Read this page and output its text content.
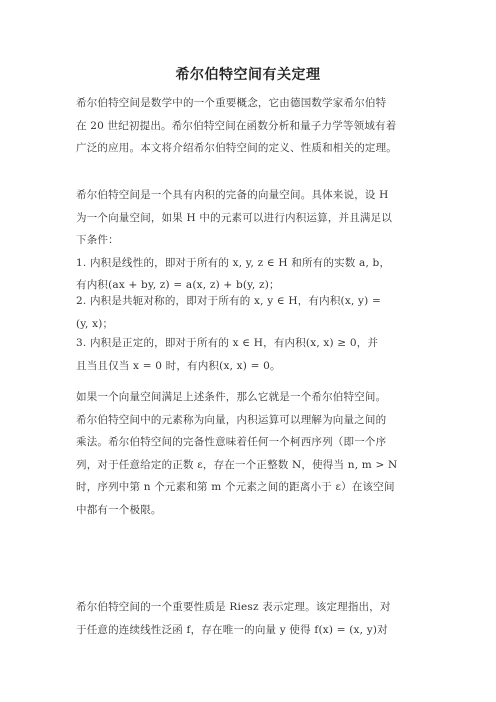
希尔伯特空间有关定理

希尔伯特空间是数学中的一个重要概念，它由德国数学家希尔伯特
在 20 世纪初提出。希尔伯特空间在函数分析和量子力学等领域有着
广泛的应用。本文将介绍希尔伯特空间的定义、性质和相关的定理。

希尔伯特空间是一个具有内积的完备的向量空间。具体来说，设 H
为一个向量空间，如果 H 中的元素可以进行内积运算，并且满足以
下条件：
1. 内积是线性的，即对于所有的 x, y, z ∈ H 和所有的实数 a, b，
有内积(ax + by, z) = a(x, z) + b(y, z)；

2. 内积是共轭对称的，即对于所有的 x, y ∈ H，有内积(x, y) =
(y, x)；

3. 内积是正定的，即对于所有的 x ∈ H，有内积(x, x) ≥ 0，并
且当且仅当 x = 0 时，有内积(x, x) = 0。

如果一个向量空间满足上述条件，那么它就是一个希尔伯特空间。
希尔伯特空间中的元素称为向量，内积运算可以理解为向量之间的
乘法。希尔伯特空间的完备性意味着任何一个柯西序列（即一个序
列，对于任意给定的正数 ε，存在一个正整数 N，使得当 n, m > N
时，序列中第 n 个元素和第 m 个元素之间的距离小于 ε）在该空间
中都有一个极限。

希尔伯特空间的一个重要性质是 Riesz 表示定理。该定理指出，对
于任意的连续线性泛函 f，存在唯一的向量 y 使得 f(x) = (x, y)对
